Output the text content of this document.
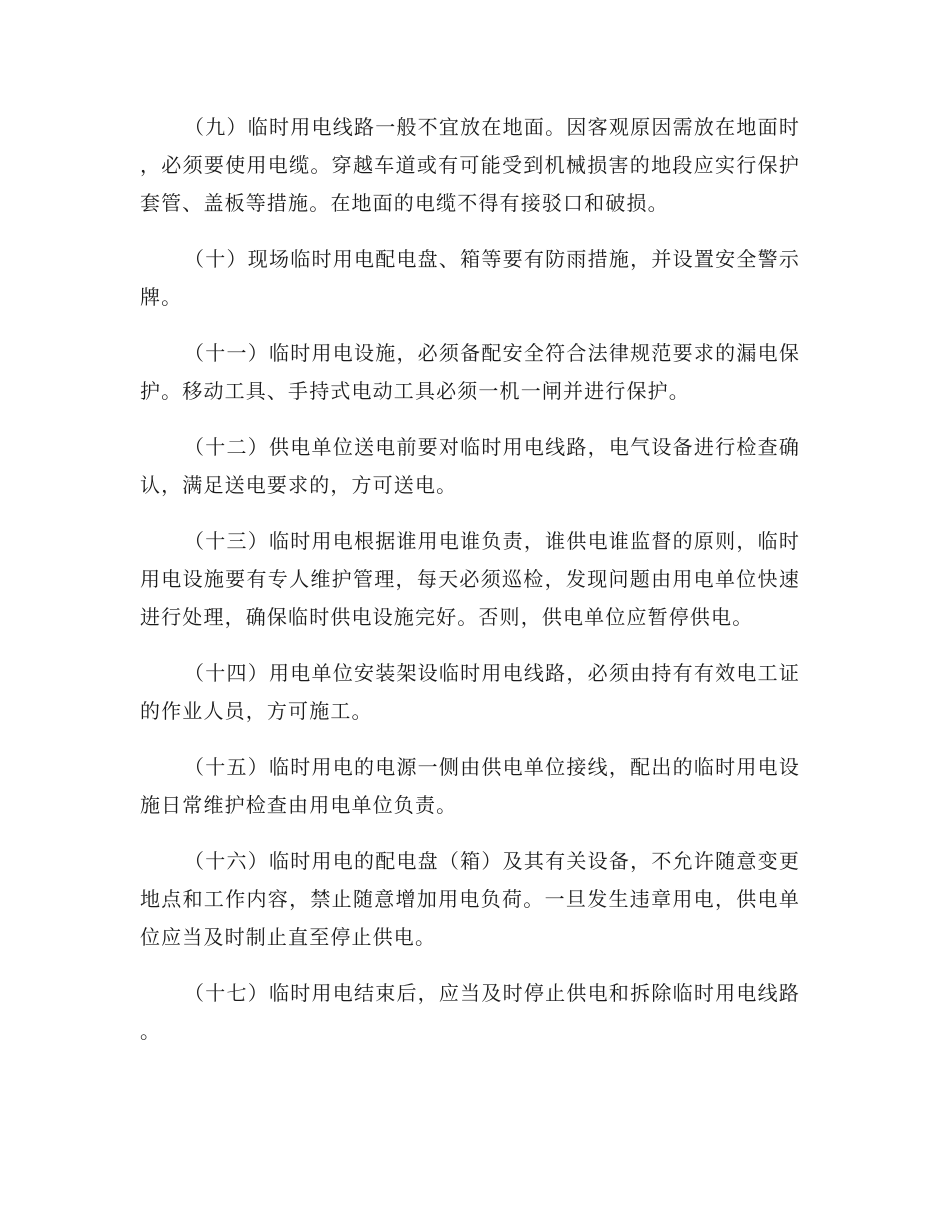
（九）临时用电线路一般不宜放在地面。因客观原因需放在地面时，必须要使用电缆。穿越车道或有可能受到机械损害的地段应实行保护套管、盖板等措施。在地面的电缆不得有接驳口和破损。

（十）现场临时用电配电盘、箱等要有防雨措施，并设置安全警示牌。

（十一）临时用电设施，必须备配安全符合法律规范要求的漏电保护。移动工具、手持式电动工具必须一机一闸并进行保护。

（十二）供电单位送电前要对临时用电线路，电气设备进行检查确认，满足送电要求的，方可送电。

（十三）临时用电根据谁用电谁负责，谁供电谁监督的原则，临时用电设施要有专人维护管理，每天必须巡检，发现问题由用电单位快速进行处理，确保临时供电设施完好。否则，供电单位应暂停供电。

（十四）用电单位安装架设临时用电线路，必须由持有有效电工证的作业人员，方可施工。

（十五）临时用电的电源一侧由供电单位接线，配出的临时用电设施日常维护检查由用电单位负责。

（十六）临时用电的配电盘（箱）及其有关设备，不允许随意变更地点和工作内容，禁止随意增加用电负荷。一旦发生违章用电，供电单位应当及时制止直至停止供电。

（十七）临时用电结束后，应当及时停止供电和拆除临时用电线路。
